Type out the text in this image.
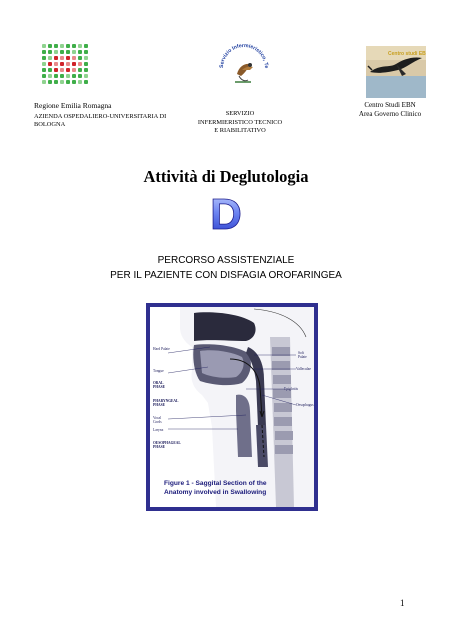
Servizio Infermieristico, Te
Centro studi EBN
Regione Emilia Romagna
AZIENDA OSPEDALIERO-UNIVERSITARIA DI
BOLOGNA
SERVIZIO
INFERMIERISTICO TECNICO
E RIABILITATIVO
Centro Studi EBN
Area Governo Clinico
Attività di Deglutologia
D
PERCORSO ASSISTENZIALE
PER IL PAZIENTE CON DISFAGIA OROFARINGEA
Hard Palate
Tongue
ORAL PHASE
PHARYNGEAL PHASE
Vocal Cords
Larynx
OESOPHAGEAL PHASE
Soft Palate
Valleculae
Epiglottis
Oesophagus
Figure 1 - Saggital Section of the
Anatomy involved in Swallowing
1
